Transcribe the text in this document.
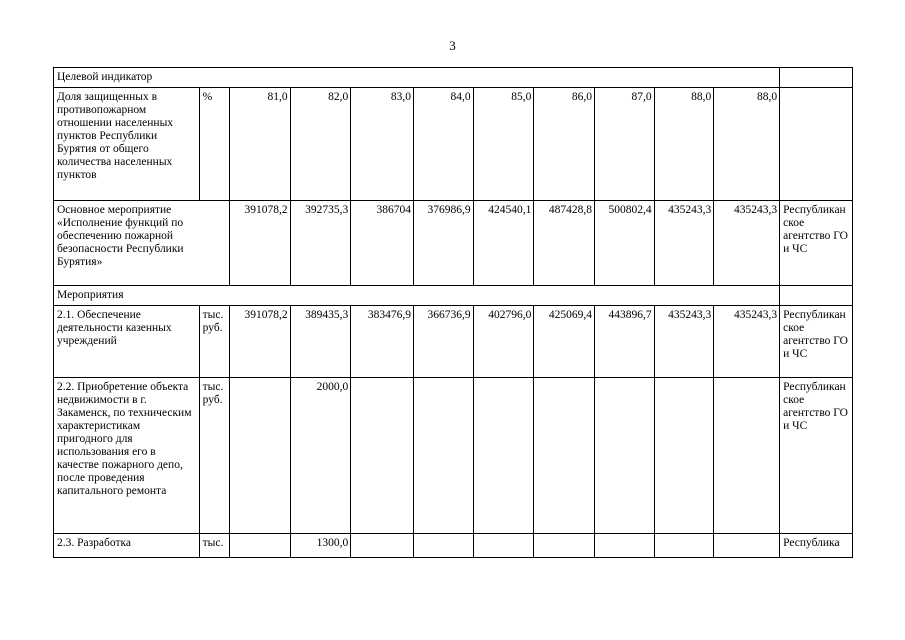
3
Целевой индикатор											
Доля защищенных в противопожарном отношении населенных пунктов Республики Бурятия от общего количества населенных пунктов	%	81,0	82,0	83,0	84,0	85,0	86,0	87,0	88,0	88,0	
Основное мероприятие «Исполнение функций по обеспечению пожарной безопасности Республики Бурятия»		391078,2	392735,3	386704	376986,9	424540,1	487428,8	500802,4	435243,3	435243,3	Республиканское агентство ГО и ЧС
Мероприятия											
2.1. Обеспечение деятельности казенных учреждений	тыс. руб.	391078,2	389435,3	383476,9	366736,9	402796,0	425069,4	443896,7	435243,3	435243,3	Республиканское агентство ГО и ЧС
2.2. Приобретение объекта недвижимости в г. Закаменск, по техническим характеристикам пригодного для использования его в качестве пожарного депо, после проведения капитального ремонта	тыс. руб.		2000,0								Республиканское агентство ГО и ЧС
2.3. Разработка	тыс.		1300,0								Республика
